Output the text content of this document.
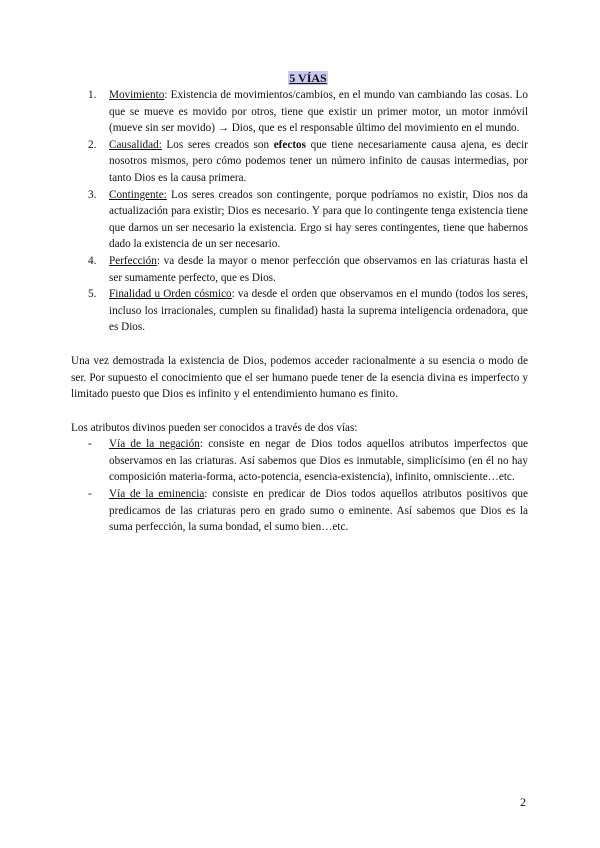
5 VÍAS
1.	Movimiento: Existencia de movimientos/cambios, en el mundo van cambiando las cosas. Lo que se mueve es movido por otros, tiene que existir un primer motor, un motor inmóvil (mueve sin ser movido) → Dios, que es el responsable último del movimiento en el mundo.
2.	Causalidad: Los seres creados son efectos que tiene necesariamente causa ajena, es decir nosotros mismos, pero cómo podemos tener un número infinito de causas intermedias, por tanto Dios es la causa primera.
3.	Contingente: Los seres creados son contingente, porque podríamos no existir, Dios nos da actualización para existir; Dios es necesario. Y para que lo contingente tenga existencia tiene que darnos un ser necesario la existencia. Ergo si hay seres contingentes, tiene que habernos dado la existencia de un ser necesario.
4.	Perfección: va desde la mayor o menor perfección que observamos en las criaturas hasta el ser sumamente perfecto, que es Dios.
5.	Finalidad u Orden cósmico: va desde el orden que observamos en el mundo (todos los seres, incluso los irracionales, cumplen su finalidad) hasta la suprema inteligencia ordenadora, que es Dios.

Una vez demostrada la existencia de Dios, podemos acceder racionalmente a su esencia o modo de ser. Por supuesto el conocimiento que el ser humano puede tener de la esencia divina es imperfecto y limitado puesto que Dios es infinito y el entendimiento humano es finito.

Los atributos divinos pueden ser conocidos a través de dos vías:

-	Vía de la negación: consiste en negar de Dios todos aquellos atributos imperfectos que observamos en las criaturas. Así sabemos que Dios es inmutable, simplicísimo (en él no hay composición materia-forma, acto-potencia, esencia-existencia), infinito, omnisciente…etc.
-	Vía de la eminencia: consiste en predicar de Dios todos aquellos atributos positivos que predicamos de las criaturas pero en grado sumo o eminente. Así sabemos que Dios es la suma perfección, la suma bondad, el sumo bien…etc.
2
